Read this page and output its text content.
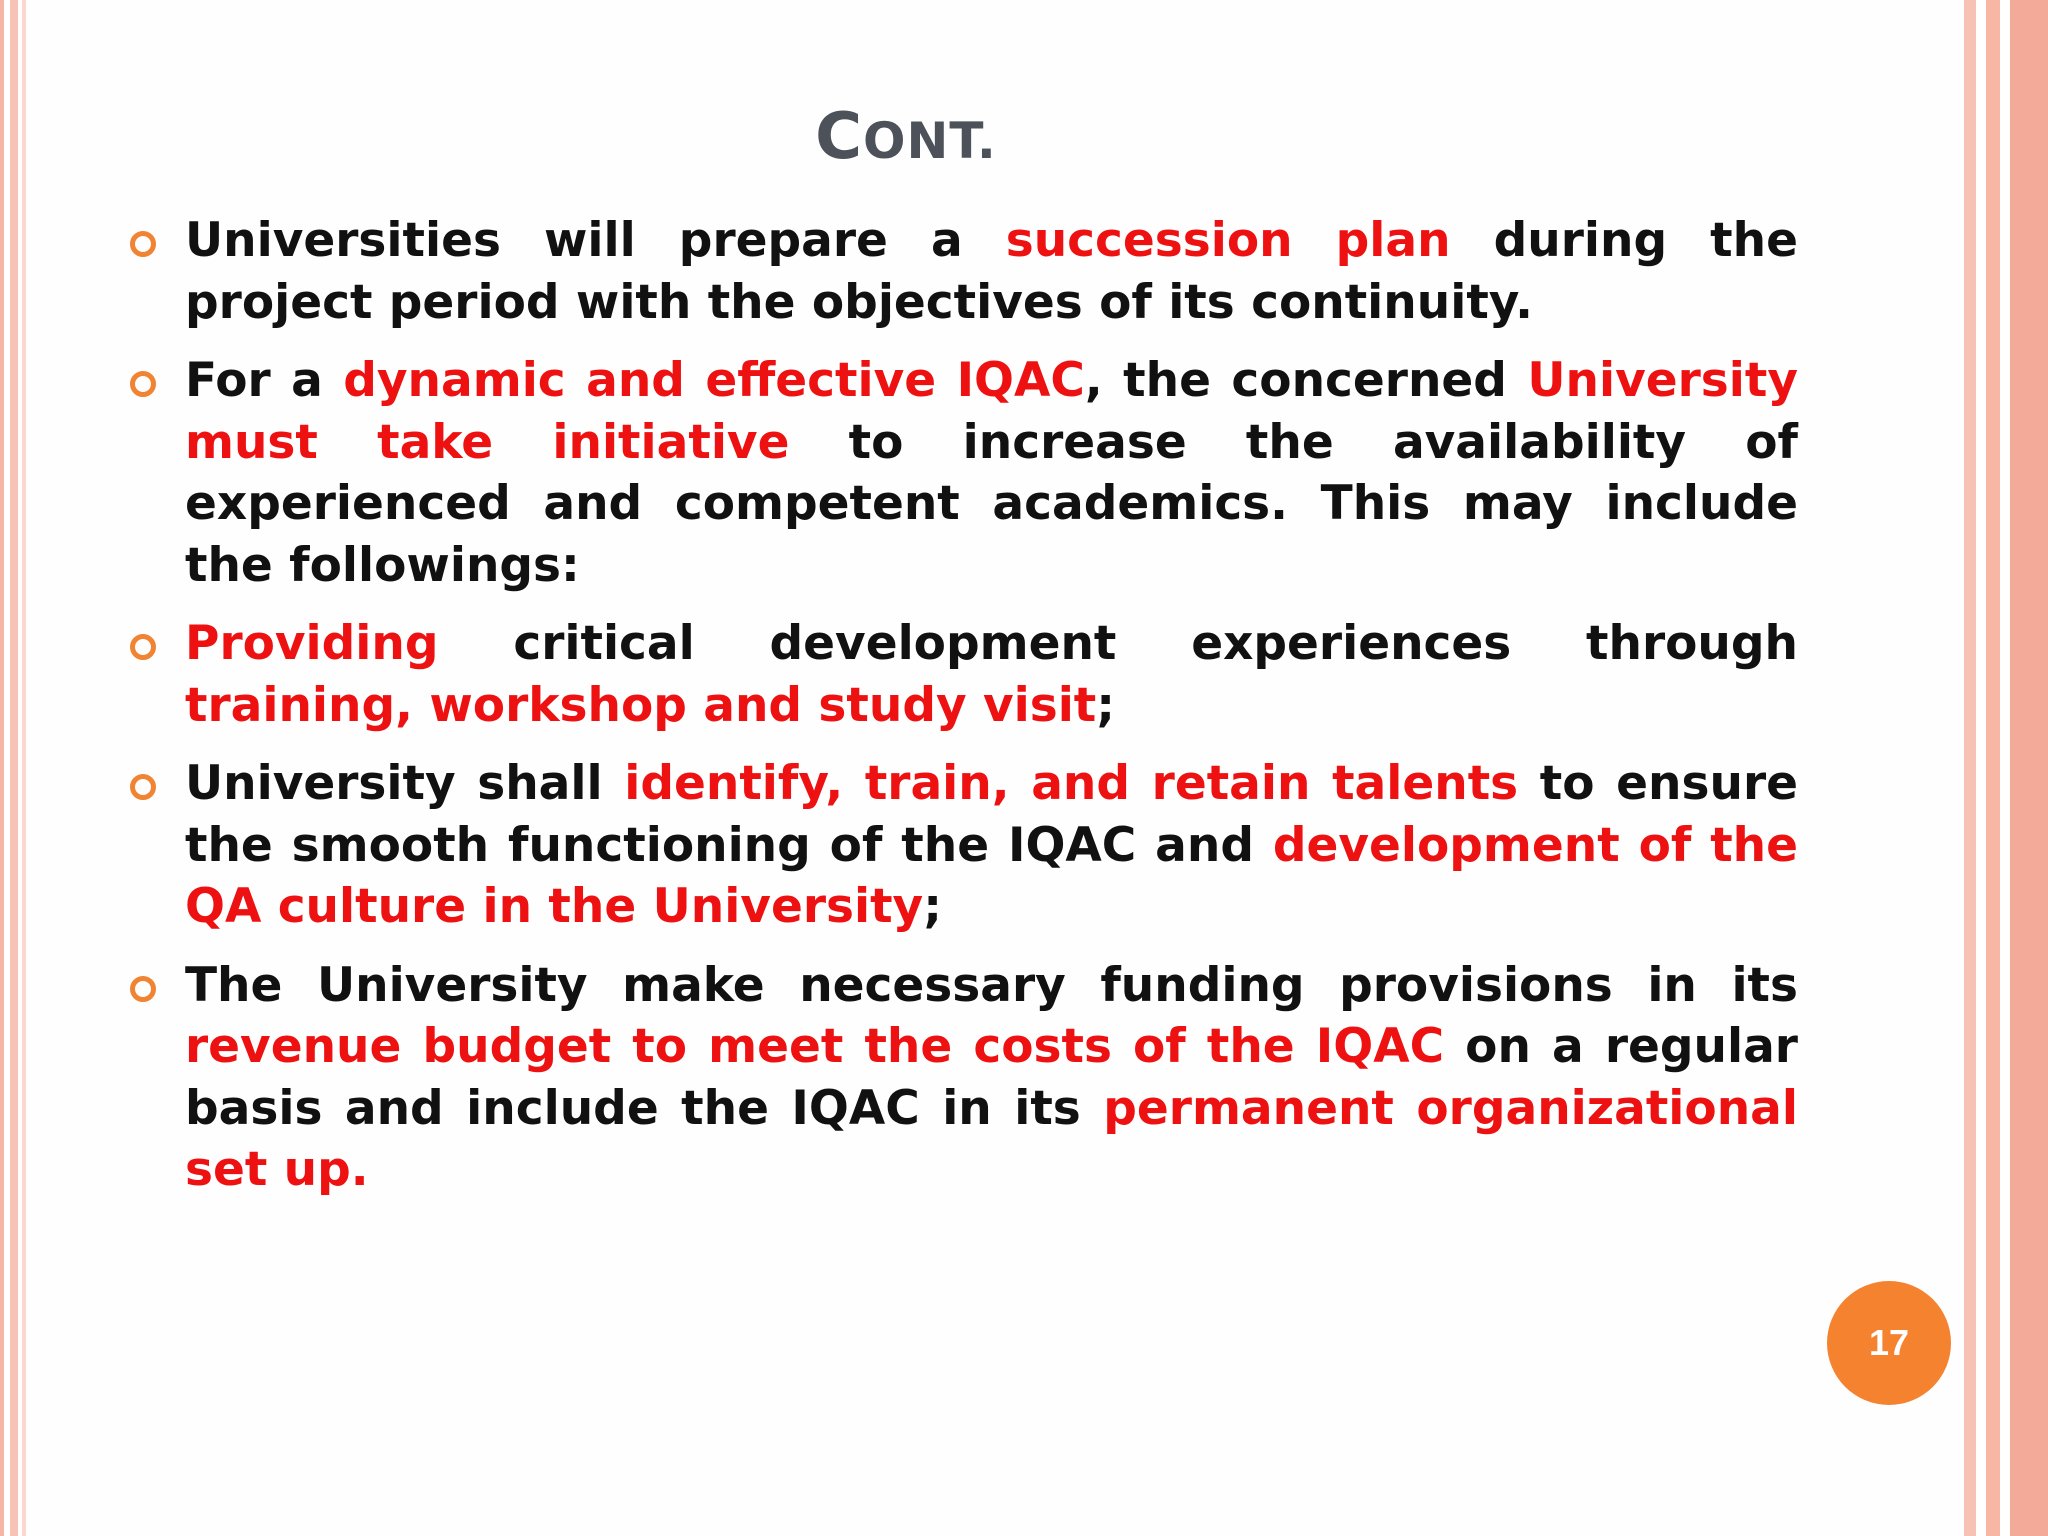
CONT.
Universities will prepare a succession plan during the project period with the objectives of its continuity.
For a dynamic and effective IQAC, the concerned University must take initiative to increase the availability of experienced and competent academics. This may include the followings:
Providing critical development experiences through training, workshop and study visit;
University shall identify, train, and retain talents to ensure the smooth functioning of the IQAC and development of the QA culture in the University;
The University make necessary funding provisions in its revenue budget to meet the costs of the IQAC on a regular basis and include the IQAC in its permanent organizational set up.
17
